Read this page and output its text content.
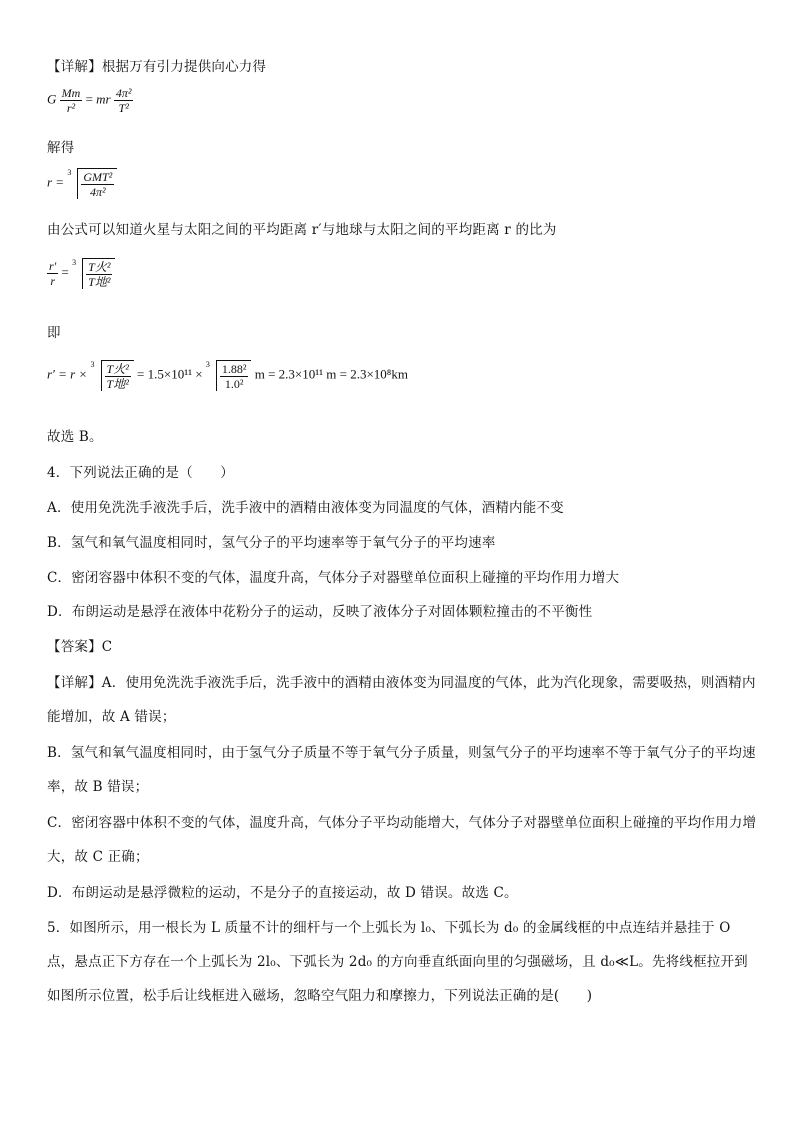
【详解】根据万有引力提供向心力得
G $\frac{Mm}{\text{r²}}$ = mr $\frac{\text{4π²}}{\text{T²}}$
解得
r =
$3 \frac{\text{GMT²}}{\text{4π²}}$
由公式可以知道火星与太阳之间的平均距离 r′与地球与太阳之间的平均距离 r 的比为
$\frac{r'}{r}$ =
$3 \frac{\text{T火²}}{\text{T地²}}$
即
r′ = r ×
$3 \frac{\text{T火²}}{\text{T地²}} = 1.5\times 10^{11}$ ×
$3 \frac{\text{1.88²}}{\text{1.0²}}$ m = 2.3×10¹¹ m = 2.3×10⁸km
故选 B。
4．下列说法正确的是（　　）
A．使用免洗洗手液洗手后，洗手液中的酒精由液体变为同温度的气体，酒精内能不变
B．氢气和氧气温度相同时，氢气分子的平均速率等于氧气分子的平均速率
C．密闭容器中体积不变的气体，温度升高，气体分子对器壁单位面积上碰撞的平均作用力增大
D．布朗运动是悬浮在液体中花粉分子的运动，反映了液体分子对固体颗粒撞击的不平衡性
【答案】C
【详解】A．使用免洗洗手液洗手后，洗手液中的酒精由液体变为同温度的气体，此为汽化现象，需要吸热，则酒精内能增加，故 A 错误；
B．氢气和氧气温度相同时，由于氢气分子质量不等于氧气分子质量，则氢气分子的平均速率不等于氧气分子的平均速率，故 B 错误；
C．密闭容器中体积不变的气体，温度升高，气体分子平均动能增大，气体分子对器壁单位面积上碰撞的平均作用力增大，故 C 正确；
D．布朗运动是悬浮微粒的运动，不是分子的直接运动，故 D 错误。故选 C。
5．如图所示，用一根长为 L 质量不计的细杆与一个上弧长为 l₀、下弧长为 d₀ 的金属线框的中点连结并悬挂于 O 点，悬点正下方存在一个上弧长为 2l₀、下弧长为 2d₀ 的方向垂直纸面向里的匀强磁场，且 d₀≪L。先将线框拉开到如图所示位置，松手后让线框进入磁场，忽略空气阻力和摩擦力，下列说法正确的是(　　)
